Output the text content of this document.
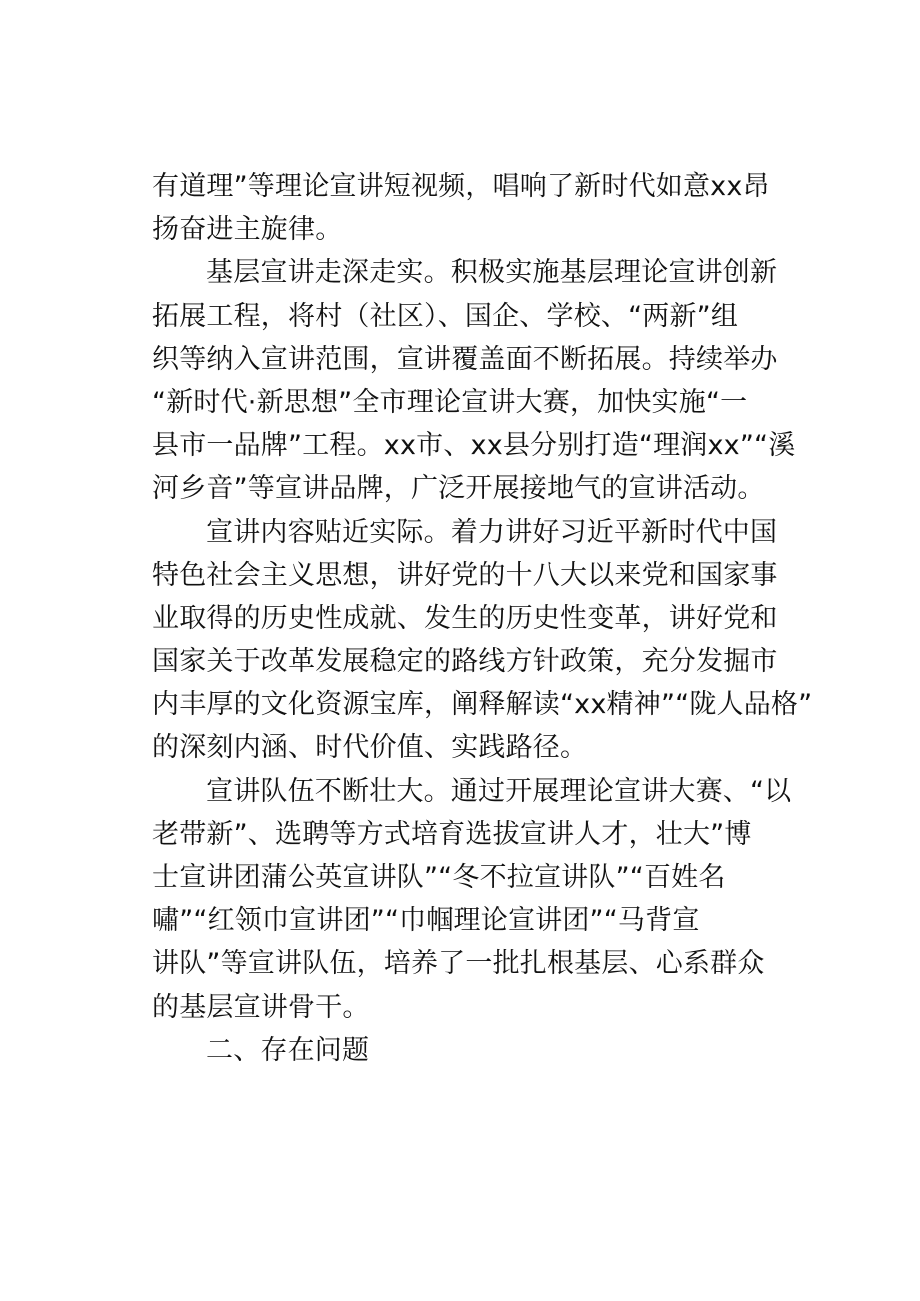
有道理”等理论宣讲短视频，唱响了新时代如意xx昂
扬奋进主旋律。
基层宣讲走深走实。积极实施基层理论宣讲创新
拓展工程，将村（社区）、国企、学校、“两新”组
织等纳入宣讲范围，宣讲覆盖面不断拓展。持续举办
“新时代·新思想”全市理论宣讲大赛，加快实施“一
县市一品牌”工程。xx市、xx县分别打造“理润xx”“溪
河乡音”等宣讲品牌，广泛开展接地气的宣讲活动。
宣讲内容贴近实际。着力讲好习近平新时代中国
特色社会主义思想，讲好党的十八大以来党和国家事
业取得的历史性成就、发生的历史性变革，讲好党和
国家关于改革发展稳定的路线方针政策，充分发掘市
内丰厚的文化资源宝库，阐释解读“xx精神”“陇人品格”
的深刻内涵、时代价值、实践路径。
宣讲队伍不断壮大。通过开展理论宣讲大赛、“以
老带新”、选聘等方式培育选拔宣讲人才，壮大”博
士宣讲团蒲公英宣讲队”“冬不拉宣讲队”“百姓名
嘯”“红领巾宣讲团”“巾帼理论宣讲团”“马背宣
讲队”等宣讲队伍，培养了一批扎根基层、心系群众
的基层宣讲骨干。
二、存在问题
